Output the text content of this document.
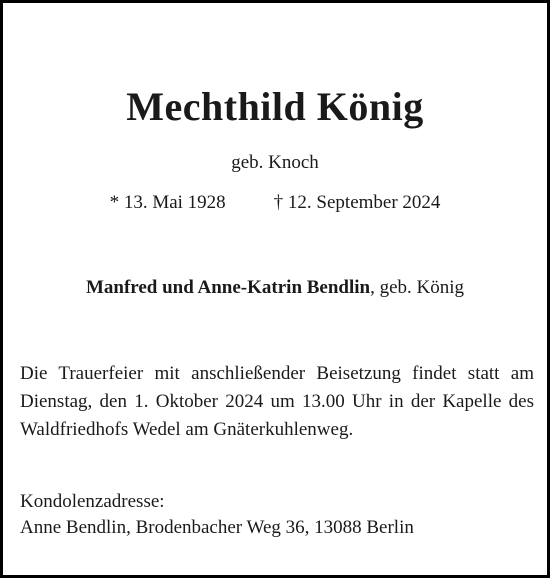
Mechthild König
geb. Knoch
* 13. Mai 1928	† 12. September 2024
Manfred und Anne-Katrin Bendlin, geb. König

Die Trauerfeier mit anschließender Beisetzung findet statt am Dienstag, den 1. Oktober 2024 um 13.00 Uhr in der Kapelle des Waldfriedhofs Wedel am Gnäterkuhlenweg.

Kondolenzadresse:
Anne Bendlin, Brodenbacher Weg 36, 13088 Berlin
